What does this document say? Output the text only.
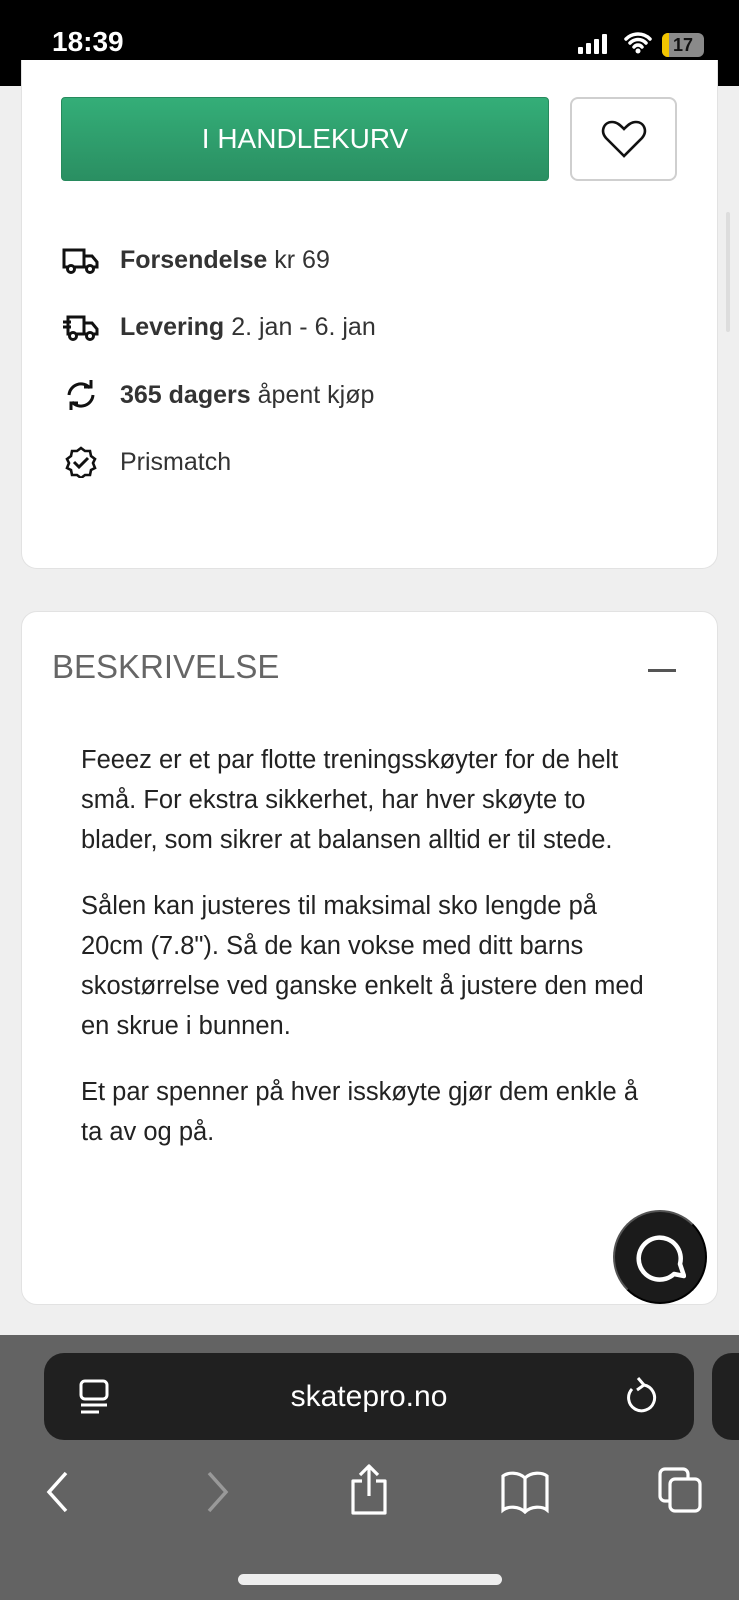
18:39	17
I HANDLEKURV
Forsendelse kr 69
Levering 2. jan - 6. jan
365 dagers åpent kjøp
Prismatch
BESKRIVELSE

Feeez er et par flotte treningsskøyter for de helt små. For ekstra sikkerhet, har hver skøyte to blader, som sikrer at balansen alltid er til stede.

Sålen kan justeres til maksimal sko lengde på 20cm (7.8"). Så de kan vokse med ditt barns skostørrelse ved ganske enkelt å justere den med en skrue i bunnen.

Et par spenner på hver isskøyte gjør dem enkle å ta av og på.

skatepro.no
